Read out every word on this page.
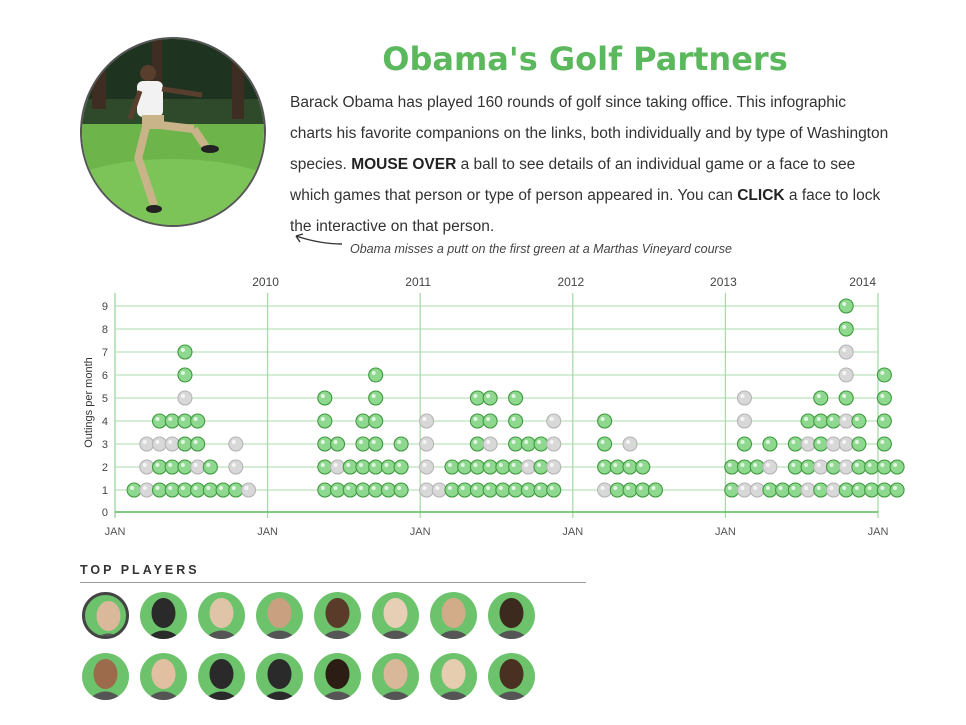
Obama's Golf Partners
Barack Obama has played 160 rounds of golf since taking office. This infographic charts his favorite companions on the links, both individually and by type of Washington species. MOUSE OVER a ball to see details of an individual game or a face to see which games that person or type of person appeared in. You can CLICK a face to lock the interactive on that person.
Obama misses a putt on the first green at a Marthas Vineyard course
0
1
2
3
4
5
6
7
8
9
Outings per month
2010	2011	2012	2013	2014
JAN	JAN	JAN	JAN	JAN	JAN
TOP PLAYERS
